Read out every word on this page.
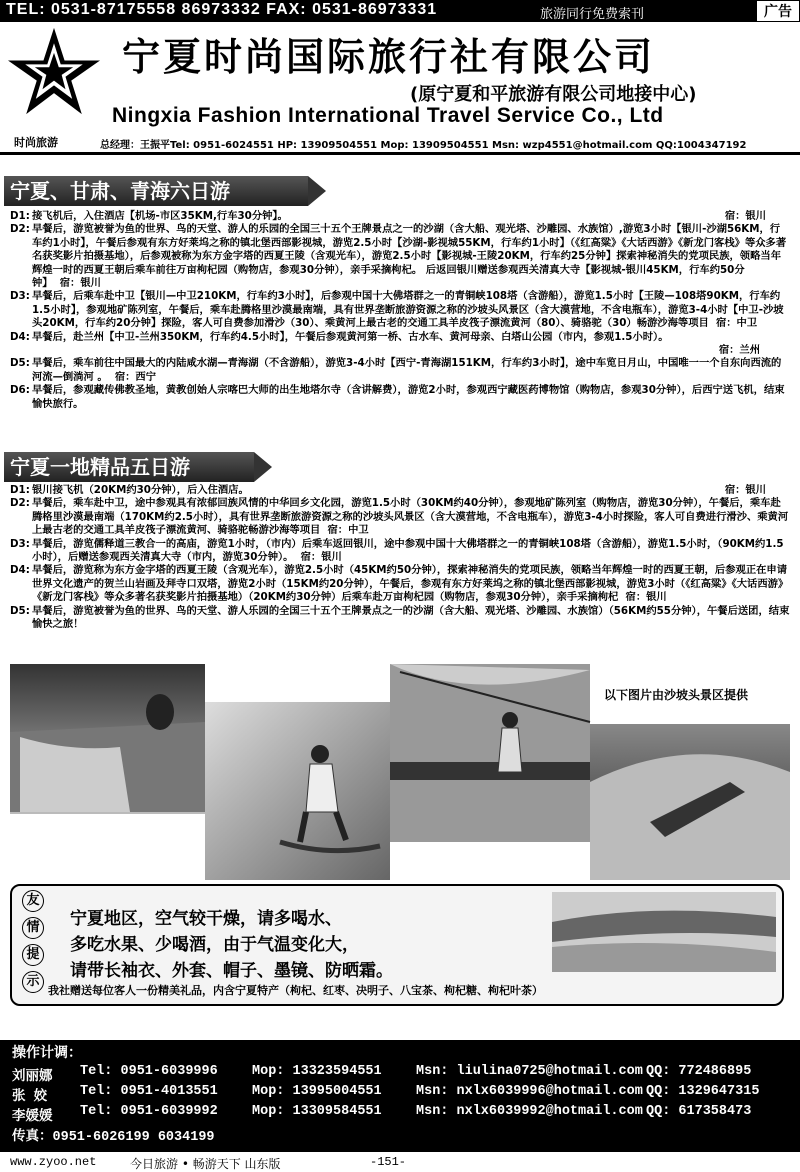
TEL: 0531-87175558 86973332 FAX: 0531-86973331	旅游同行免费索刊	广告
时尚旅游
宁夏时尚国际旅行社有限公司
(原宁夏和平旅游有限公司地接中心)
Ningxia Fashion International Travel Service Co., Ltd
总经理：王振平Tel: 0951-6024551 HP: 13909504551 Mop: 13909504551 Msn: wzp4551@hotmail.com QQ:1004347192
宁夏、甘肃、青海六日游
D1: 接飞机后，入住酒店【机场-市区35KM,行车30分钟】。	宿：银川
D2: 早餐后，游览被誉为鱼的世界、鸟的天堂、游人的乐园的全国三十五个王牌景点之一的沙湖（含大船、观光塔、沙雕园、水族馆）,游览3小时【银川-沙湖56KM，行车约1小时】，午餐后参观有东方好莱坞之称的镇北堡西部影视城，游览2.5小时【沙湖-影视城55KM，行车约1小时】（《红高粱》《大话西游》《新龙门客栈》等众多著名获奖影片拍摄基地），后参观被称为东方金字塔的西夏王陵（含观光车），游览2.5小时【影视城-王陵20KM，行车约25分钟】探索神秘消失的党项民族，领略当年辉煌一时的西夏王朝后乘车前往万亩枸杞园（购物店，参观30分钟），亲手采摘枸杞。 后返回银川赠送参观西关清真大寺【影视城-银川45KM，行车约50分钟】 宿：银川
D3: 早餐后，后乘车赴中卫【银川—中卫210KM，行车约3小时】，后参观中国十大佛塔群之一的青铜峡108塔（含游船），游览1.5小时【王陵—108塔90KM，行车约1.5小时】，参观地矿陈列室，午餐后，乘车赴腾格里沙漠最南端，具有世界垄断旅游资源之称的沙坡头风景区（含大漠营地，不含电瓶车），游览3-4小时【中卫-沙坡头20KM，行车约20分钟】探险，客人可自费参加滑沙（30）、乘黄河上最古老的交通工具羊皮筏子漂流黄河（80）、骑骆驼（30）畅游沙海等项目 宿：中卫
D4: 早餐后，赴兰州【中卫-兰州350KM，行车约4.5小时】，午餐后参观黄河第一桥、古水车、黄河母亲、白塔山公园（市内，参观1.5小时）。
宿：兰州
D5: 早餐后，乘车前往中国最大的内陆咸水湖—青海湖（不含游船），游览3-4小时【西宁-青海湖151KM，行车约3小时】，途中车览日月山，中国唯一一个自东向西流的河流—倒淌河 。 宿：西宁
D6: 早餐后，参观藏传佛教圣地，黄教创始人宗喀巴大师的出生地塔尔寺（含讲解费），游览2小时，参观西宁藏医药博物馆（购物店，参观30分钟），后西宁送飞机，结束愉快旅行。
宁夏一地精品五日游
D1: 银川接飞机（20KM约30分钟），后入住酒店。	宿：银川
D2: 早餐后，乘车赴中卫，途中参观具有浓郁回族风情的中华回乡文化园，游览1.5小时（30KM约40分钟），参观地矿陈列室（购物店，游览30分钟），午餐后，乘车赴腾格里沙漠最南端（170KM约2.5小时），具有世界垄断旅游资源之称的沙坡头风景区（含大漠营地，不含电瓶车），游览3-4小时探险，客人可自费进行滑沙、乘黄河上最古老的交通工具羊皮筏子漂流黄河、骑骆驼畅游沙海等项目 宿：中卫
D3: 早餐后，游览儒释道三教合一的高庙，游览1小时，（市内）后乘车返回银川，途中参观中国十大佛塔群之一的青铜峡108塔（含游船），游览1.5小时，（90KM约1.5小时），后赠送参观西关清真大寺（市内，游览30分钟）。 宿：银川
D4: 早餐后，游览称为东方金字塔的西夏王陵（含观光车），游览2.5小时（45KM约50分钟），探索神秘消失的党项民族，领略当年辉煌一时的西夏王朝，后参观正在申请世界文化遗产的贺兰山岩画及拜寺口双塔，游览2小时（15KM约20分钟），午餐后，参观有东方好莱坞之称的镇北堡西部影视城，游览3小时（《红高粱》《大话西游》《新龙门客栈》等众多著名获奖影片拍摄基地）（20KM约30分钟）后乘车赴万亩枸杞园（购物店，参观30分钟），亲手采摘枸杞 宿：银川
D5: 早餐后，游览被誉为鱼的世界、鸟的天堂、游人乐园的全国三十五个王牌景点之一的沙湖（含大船、观光塔、沙雕园、水族馆）（56KM约55分钟），午餐后送团，结束愉快之旅！
以下图片由沙坡头景区提供
友
情
提
示
宁夏地区，空气较干燥，请多喝水、
多吃水果、少喝酒，由于气温变化大，
请带长袖衣、外套、帽子、墨镜、防晒霜。
我社赠送每位客人一份精美礼品，内含宁夏特产（枸杞、红枣、决明子、八宝茶、枸杞糖、枸杞叶茶）
操作计调：
刘丽娜 Tel: 0951-6039996	Mop: 13323594551	Msn: liulina0725@hotmail.com QQ: 772486895
张 姣 Tel: 0951-4013551	Mop: 13995004551	Msn: nxlx6039996@hotmail.com QQ: 1329647315
李媛媛 Tel: 0951-6039992	Mop: 13309584551	Msn: nxlx6039992@hotmail.com QQ: 617358473
传真：0951-6026199 6034199
www.zyoo.net	今日旅游 • 畅游天下 山东版	-151-
